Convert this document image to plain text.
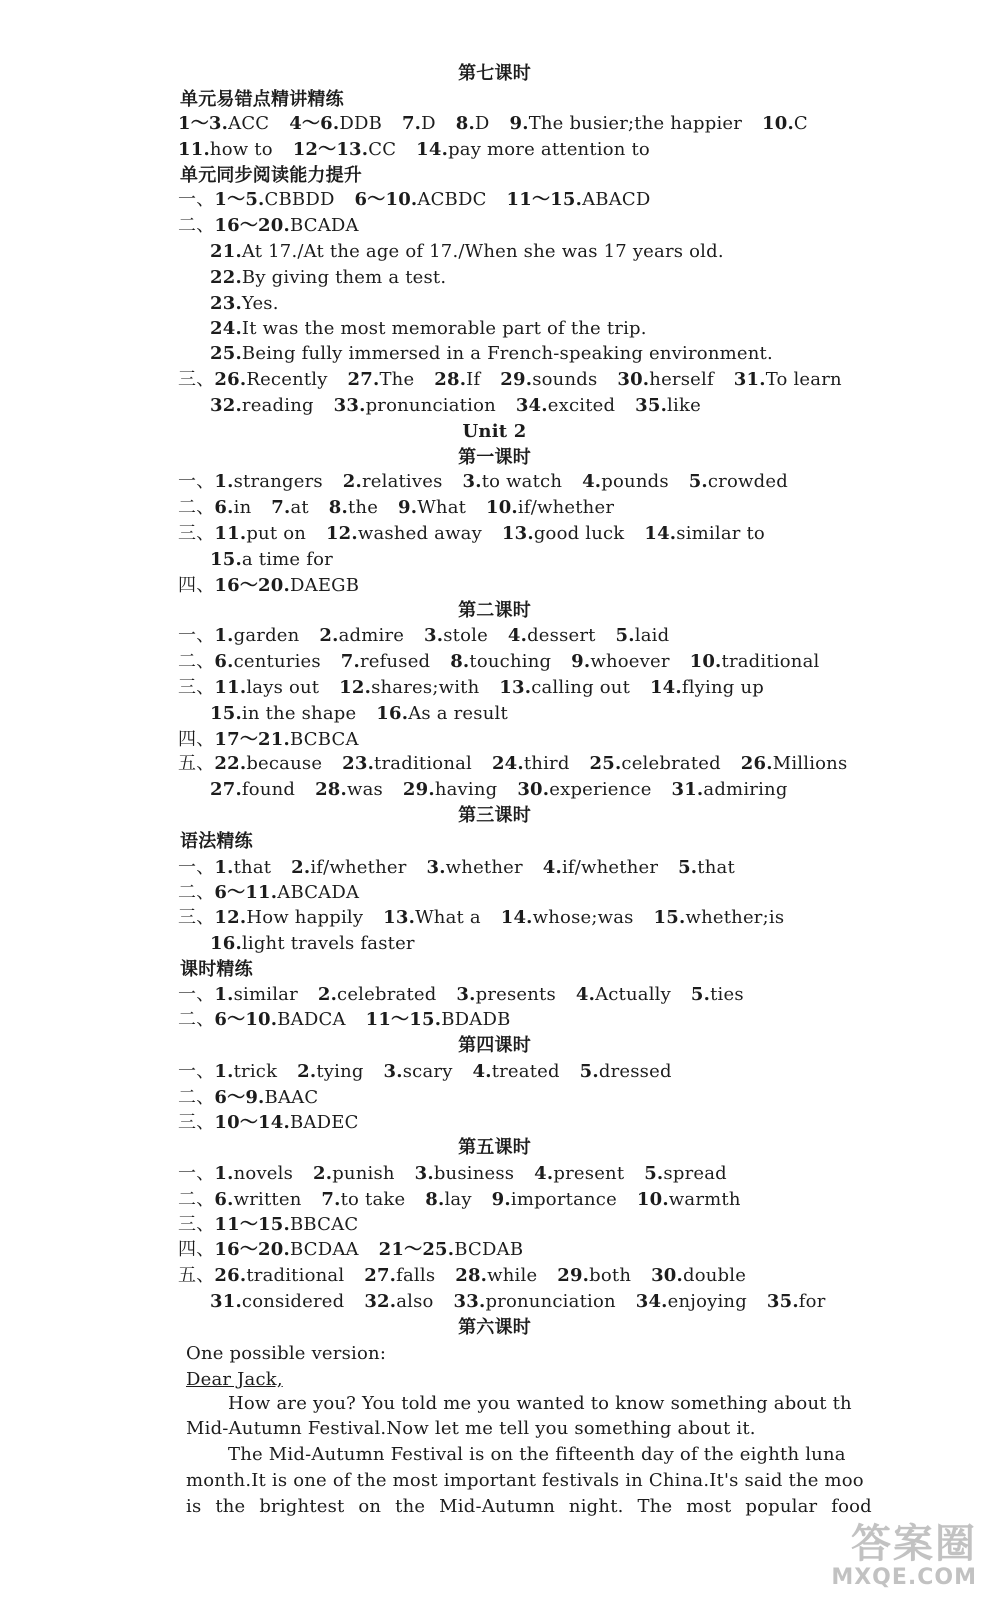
第七课时
单元易错点精讲精练
1～3.ACC 4～6.DDB 7.D 8.D 9.The busier;the happier 10.C
11.how to 12～13.CC 14.pay more attention to
单元同步阅读能力提升
一、1～5.CBBDD 6～10.ACBDC 11～15.ABACD
二、16～20.BCADA
21.At 17./At the age of 17./When she was 17 years old.
22.By giving them a test.
23.Yes.
24.It was the most memorable part of the trip.
25.Being fully immersed in a French-speaking environment.
三、26.Recently 27.The 28.If 29.sounds 30.herself 31.To learn
32.reading 33.pronunciation 34.excited 35.like
Unit 2
第一课时
一、1.strangers 2.relatives 3.to watch 4.pounds 5.crowded
二、6.in 7.at 8.the 9.What 10.if/whether
三、11.put on 12.washed away 13.good luck 14.similar to
15.a time for
四、16～20.DAEGB
第二课时
一、1.garden 2.admire 3.stole 4.dessert 5.laid
二、6.centuries 7.refused 8.touching 9.whoever 10.traditional
三、11.lays out 12.shares;with 13.calling out 14.flying up
15.in the shape 16.As a result
四、17～21.BCBCA
五、22.because 23.traditional 24.third 25.celebrated 26.Millions
27.found 28.was 29.having 30.experience 31.admiring
第三课时
语法精练
一、1.that 2.if/whether 3.whether 4.if/whether 5.that
二、6～11.ABCADA
三、12.How happily 13.What a 14.whose;was 15.whether;is
16.light travels faster
课时精练
一、1.similar 2.celebrated 3.presents 4.Actually 5.ties
二、6～10.BADCA 11～15.BDADB
第四课时
一、1.trick 2.tying 3.scary 4.treated 5.dressed
二、6～9.BAAC
三、10～14.BADEC
第五课时
一、1.novels 2.punish 3.business 4.present 5.spread
二、6.written 7.to take 8.lay 9.importance 10.warmth
三、11～15.BBCAC
四、16～20.BCDAA 21～25.BCDAB
五、26.traditional 27.falls 28.while 29.both 30.double
31.considered 32.also 33.pronunciation 34.enjoying 35.for
第六课时
One possible version:
Dear Jack,
How are you? You told me you wanted to know something about th
Mid-Autumn Festival.Now let me tell you something about it.
The Mid-Autumn Festival is on the fifteenth day of the eighth luna
month.It is one of the most important festivals in China.It's said the moo
is the brightest on the Mid-Autumn night. The most popular food
答案圈
MXQE.COM
